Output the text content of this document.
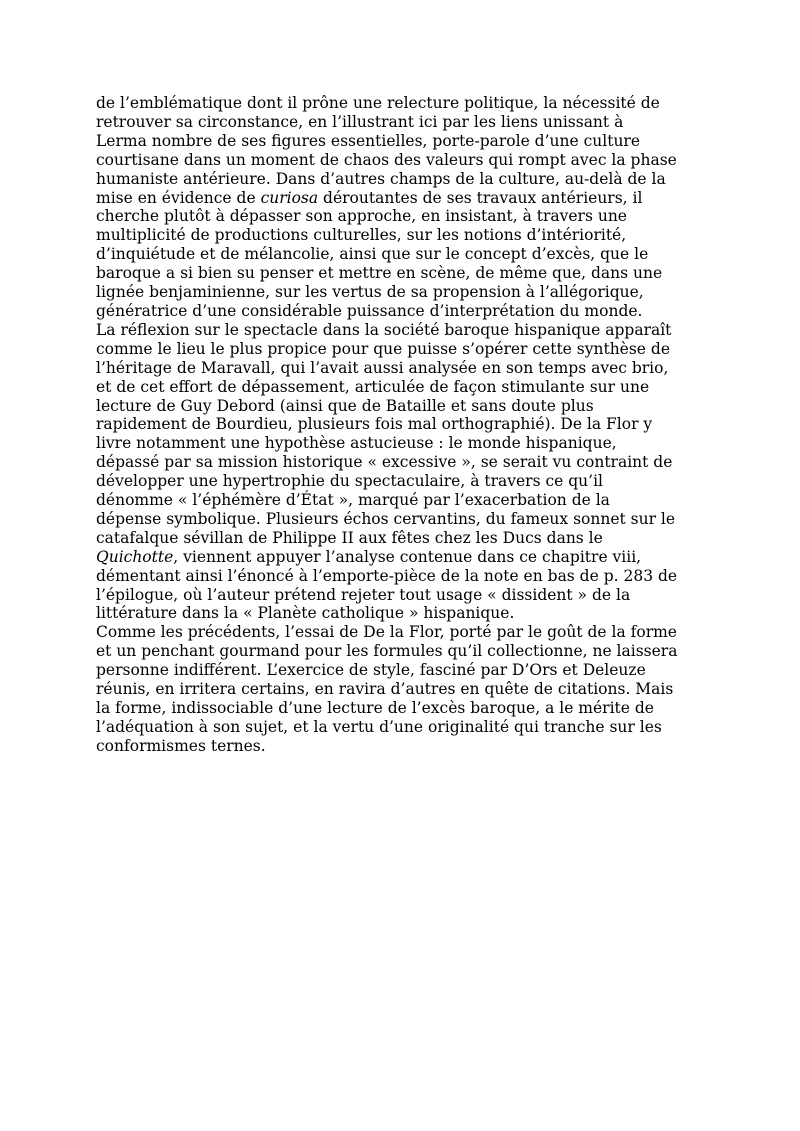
de l’emblématique dont il prône une relecture politique, la nécessité de
retrouver sa circonstance, en l’illustrant ici par les liens unissant à
Lerma nombre de ses figures essentielles, porte-parole d’une culture
courtisane dans un moment de chaos des valeurs qui rompt avec la phase
humaniste antérieure. Dans d’autres champs de la culture, au-delà de la
mise en évidence de curiosa déroutantes de ses travaux antérieurs, il
cherche plutôt à dépasser son approche, en insistant, à travers une
multiplicité de productions culturelles, sur les notions d’intériorité,
d’inquiétude et de mélancolie, ainsi que sur le concept d’excès, que le
baroque a si bien su penser et mettre en scène, de même que, dans une
lignée benjaminienne, sur les vertus de sa propension à l’allégorique,
génératrice d’une considérable puissance d’interprétation du monde.
La réflexion sur le spectacle dans la société baroque hispanique apparaît
comme le lieu le plus propice pour que puisse s’opérer cette synthèse de
l’héritage de Maravall, qui l’avait aussi analysée en son temps avec brio,
et de cet effort de dépassement, articulée de façon stimulante sur une
lecture de Guy Debord (ainsi que de Bataille et sans doute plus
rapidement de Bourdieu, plusieurs fois mal orthographié). De la Flor y
livre notamment une hypothèse astucieuse : le monde hispanique,
dépassé par sa mission historique « excessive », se serait vu contraint de
développer une hypertrophie du spectaculaire, à travers ce qu’il
dénomme « l’éphémère d’État », marqué par l’exacerbation de la
dépense symbolique. Plusieurs échos cervantins, du fameux sonnet sur le
catafalque sévillan de Philippe II aux fêtes chez les Ducs dans le
Quichotte, viennent appuyer l’analyse contenue dans ce chapitre viii,
démentant ainsi l’énoncé à l’emporte-pièce de la note en bas de p. 283 de
l’épilogue, où l’auteur prétend rejeter tout usage « dissident » de la
littérature dans la « Planète catholique » hispanique.
Comme les précédents, l’essai de De la Flor, porté par le goût de la forme
et un penchant gourmand pour les formules qu’il collectionne, ne laissera
personne indifférent. L’exercice de style, fasciné par D’Ors et Deleuze
réunis, en irritera certains, en ravira d’autres en quête de citations. Mais
la forme, indissociable d’une lecture de l’excès baroque, a le mérite de
l’adéquation à son sujet, et la vertu d’une originalité qui tranche sur les
conformismes ternes.
